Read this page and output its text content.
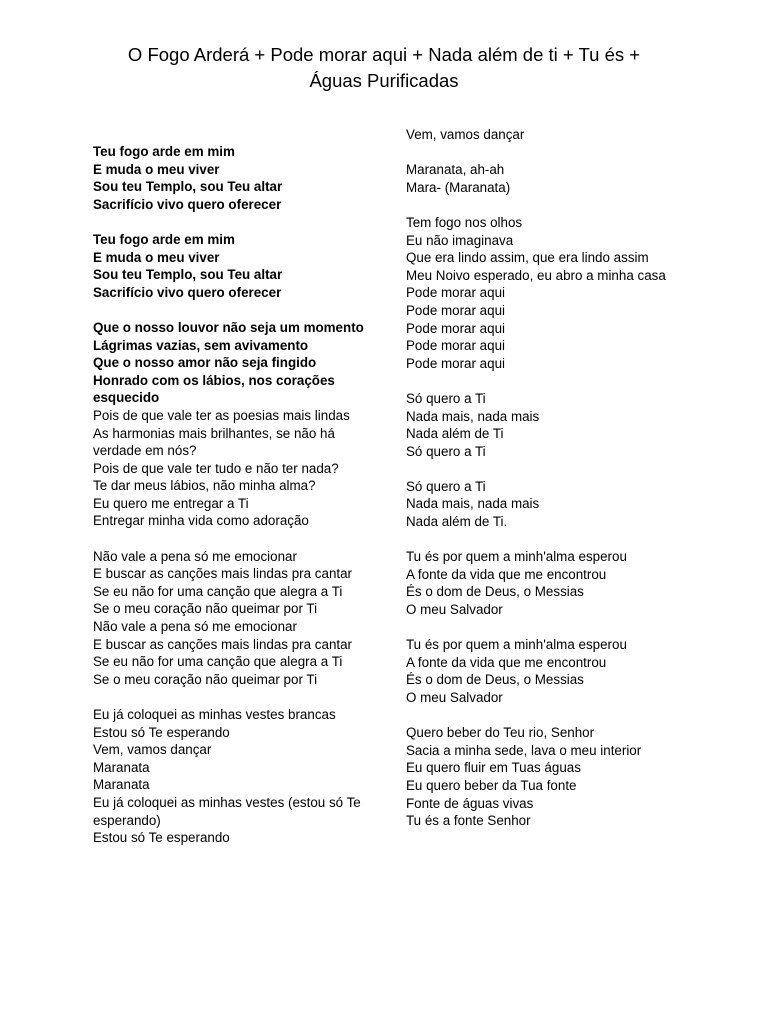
O Fogo Arderá + Pode morar aqui + Nada além de ti + Tu és +
Águas Purificadas
Teu fogo arde em mim
E muda o meu viver
Sou teu Templo, sou Teu altar
Sacrifício vivo quero oferecer
Teu fogo arde em mim
E muda o meu viver
Sou teu Templo, sou Teu altar
Sacrifício vivo quero oferecer
Que o nosso louvor não seja um momento
Lágrimas vazias, sem avivamento
Que o nosso amor não seja fingido
Honrado com os lábios, nos corações esquecido
Pois de que vale ter as poesias mais lindas
As harmonias mais brilhantes, se não há verdade em nós?
Pois de que vale ter tudo e não ter nada?
Te dar meus lábios, não minha alma?
Eu quero me entregar a Ti
Entregar minha vida como adoração
Não vale a pena só me emocionar
E buscar as canções mais lindas pra cantar
Se eu não for uma canção que alegra a Ti
Se o meu coração não queimar por Ti
Não vale a pena só me emocionar
E buscar as canções mais lindas pra cantar
Se eu não for uma canção que alegra a Ti
Se o meu coração não queimar por Ti
Eu já coloquei as minhas vestes brancas
Estou só Te esperando
Vem, vamos dançar
Maranata
Maranata
Eu já coloquei as minhas vestes (estou só Te esperando)
Estou só Te esperando
Vem, vamos dançar
Maranata, ah-ah
Mara- (Maranata)
Tem fogo nos olhos
Eu não imaginava
Que era lindo assim, que era lindo assim
Meu Noivo esperado, eu abro a minha casa
Pode morar aqui
Pode morar aqui
Pode morar aqui
Pode morar aqui
Pode morar aqui
Só quero a Ti
Nada mais, nada mais
Nada além de Ti
Só quero a Ti
Só quero a Ti
Nada mais, nada mais
Nada além de Ti.
Tu és por quem a minh'alma esperou
A fonte da vida que me encontrou
És o dom de Deus, o Messias
O meu Salvador
Tu és por quem a minh'alma esperou
A fonte da vida que me encontrou
És o dom de Deus, o Messias
O meu Salvador
Quero beber do Teu rio, Senhor
Sacia a minha sede, lava o meu interior
Eu quero fluir em Tuas águas
Eu quero beber da Tua fonte
Fonte de águas vivas
Tu és a fonte Senhor
